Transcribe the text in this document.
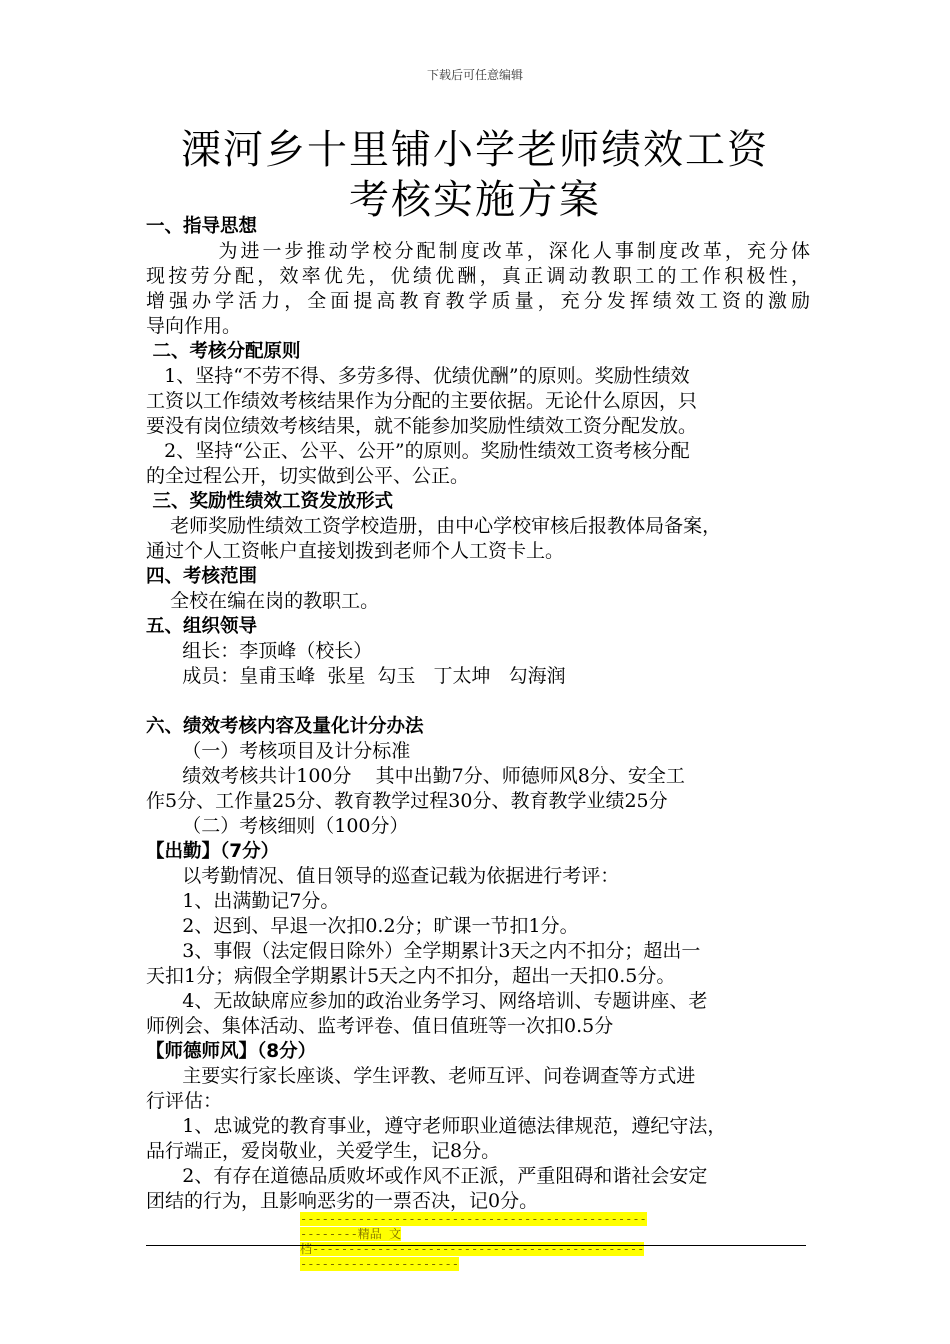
下载后可任意编辑
溧河乡十里铺小学老师绩效工资
考核实施方案
一、指导思想
为进一步推动学校分配制度改革，深化人事制度改革，充分体
现按劳分配，效率优先，优绩优酬，真正调动教职工的工作积极性，
增强办学活力，全面提高教育教学质量，充分发挥绩效工资的激励
导向作用。
二、考核分配原则
1、坚持“不劳不得、多劳多得、优绩优酬”的原则。奖励性绩效
工资以工作绩效考核结果作为分配的主要依据。无论什么原因，只
要没有岗位绩效考核结果，就不能参加奖励性绩效工资分配发放。
2、坚持“公正、公平、公开”的原则。奖励性绩效工资考核分配
的全过程公开，切实做到公平、公正。
三、奖励性绩效工资发放形式
老师奖励性绩效工资学校造册，由中心学校审核后报教体局备案，
通过个人工资帐户直接划拨到老师个人工资卡上。
四、考核范围
全校在编在岗的教职工。
五、组织领导
组长：李顶峰（校长）
成员：皇甫玉峰  张星  勾玉   丁太坤   勾海润
六、绩效考核内容及量化计分办法
（一）考核项目及计分标准
绩效考核共计100分    其中出勤7分、师德师风8分、安全工
作5分、工作量25分、教育教学过程30分、教育教学业绩25分
（二）考核细则（100分）
【出勤】（7分）
以考勤情况、值日领导的巡查记载为依据进行考评：
1、出满勤记7分。
2、迟到、早退一次扣0.2分；旷课一节扣1分。
3、事假（法定假日除外）全学期累计3天之内不扣分；超出一
天扣1分；病假全学期累计5天之内不扣分，超出一天扣0.5分。
4、无故缺席应参加的政治业务学习、网络培训、专题讲座、老
师例会、集体活动、监考评卷、值日值班等一次扣0.5分
【师德师风】（8分）
主要实行家长座谈、学生评教、老师互评、问卷调查等方式进
行评估：
1、忠诚党的教育事业，遵守老师职业道德法律规范，遵纪守法，
品行端正，爱岗敬业，关爱学生，记8分。
2、有存在道德品质败坏或作风不正派，严重阻碍和谐社会安定
团结的行为，且影响恶劣的一票否决，记0分。
--------------------------------------------------------精品 文
档--------------------------------------------------------------------
